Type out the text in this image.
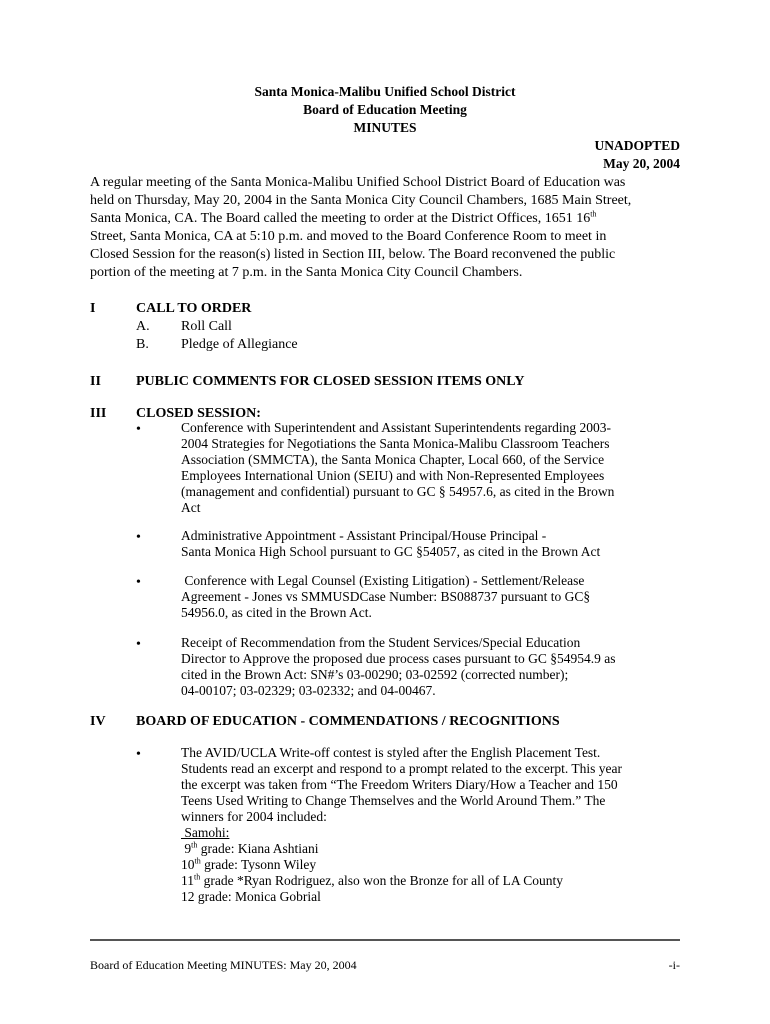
Santa Monica-Malibu Unified School District
Board of Education Meeting
MINUTES
UNADOPTED
May 20, 2004
A regular meeting of the Santa Monica-Malibu Unified School District Board of Education was
held on Thursday, May 20, 2004 in the Santa Monica City Council Chambers, 1685 Main Street,
Santa Monica, CA. The Board called the meeting to order at the District Offices, 1651 16th
Street, Santa Monica, CA at 5:10 p.m. and moved to the Board Conference Room to meet in
Closed Session for the reason(s) listed in Section III, below. The Board reconvened the public
portion of the meeting at 7 p.m. in the Santa Monica City Council Chambers.
I	CALL TO ORDER
A. Roll Call
B. Pledge of Allegiance
II	PUBLIC COMMENTS FOR CLOSED SESSION ITEMS ONLY
III CLOSED SESSION:
•	Conference with Superintendent and Assistant Superintendents regarding 2003-
2004 Strategies for Negotiations the Santa Monica-Malibu Classroom Teachers
Association (SMMCTA), the Santa Monica Chapter, Local 660, of the Service
Employees International Union (SEIU) and with Non-Represented Employees
(management and confidential) pursuant to GC § 54957.6, as cited in the Brown
Act
•	Administrative Appointment - Assistant Principal/House Principal -
Santa Monica High School pursuant to GC §54057, as cited in the Brown Act
•	Conference with Legal Counsel (Existing Litigation) - Settlement/Release
Agreement - Jones vs SMMUSDCase Number: BS088737 pursuant to GC§
54956.0, as cited in the Brown Act.
•	Receipt of Recommendation from the Student Services/Special Education
Director to Approve the proposed due process cases pursuant to GC §54954.9 as
cited in the Brown Act: SN#’s 03-00290; 03-02592 (corrected number);
04-00107; 03-02329; 03-02332; and 04-00467.
IV BOARD OF EDUCATION - COMMENDATIONS / RECOGNITIONS
•	The AVID/UCLA Write-off contest is styled after the English Placement Test.
Students read an excerpt and respond to a prompt related to the excerpt. This year
the excerpt was taken from “The Freedom Writers Diary/How a Teacher and 150
Teens Used Writing to Change Themselves and the World Around Them.” The
winners for 2004 included:
Samohi:
9th grade: Kiana Ashtiani
10th grade: Tysonn Wiley
11th grade *Ryan Rodriguez, also won the Bronze for all of LA County
12 grade: Monica Gobrial
Board of Education Meeting MINUTES: May 20, 2004	-i-
